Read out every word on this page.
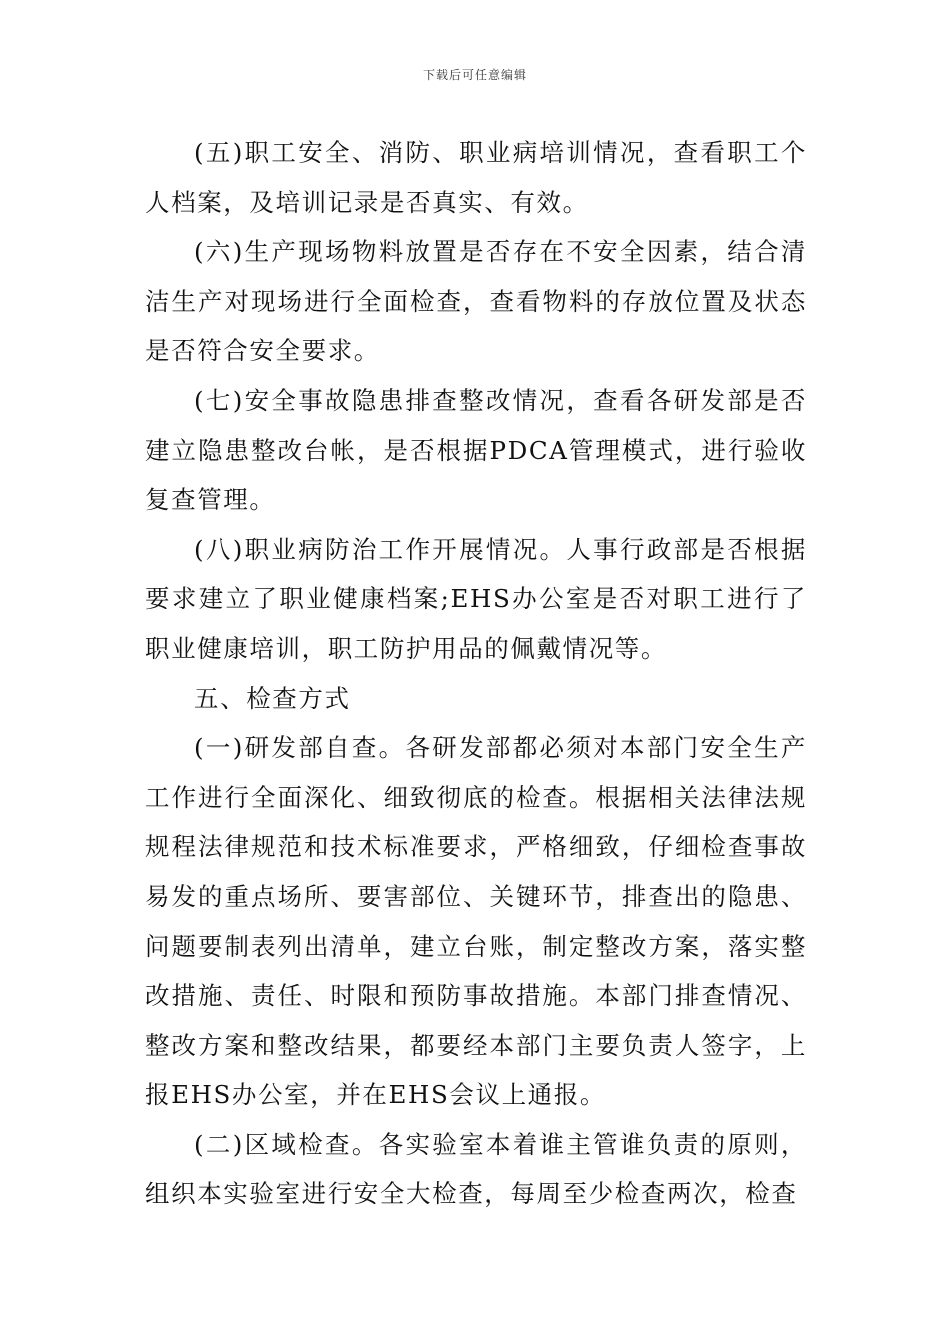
下载后可任意编辑

(五)职工安全、消防、职业病培训情况，查看职工个人档案，及培训记录是否真实、有效。

(六)生产现场物料放置是否存在不安全因素，结合清洁生产对现场进行全面检查，查看物料的存放位置及状态是否符合安全要求。

(七)安全事故隐患排查整改情况，查看各研发部是否建立隐患整改台帐，是否根据PDCA管理模式，进行验收复查管理。

(八)职业病防治工作开展情况。人事行政部是否根据要求建立了职业健康档案;EHS办公室是否对职工进行了职业健康培训，职工防护用品的佩戴情况等。

五、检查方式

(一)研发部自查。各研发部都必须对本部门安全生产工作进行全面深化、细致彻底的检查。根据相关法律法规规程法律规范和技术标准要求，严格细致，仔细检查事故易发的重点场所、要害部位、关键环节，排查出的隐患、问题要制表列出清单，建立台账，制定整改方案，落实整改措施、责任、时限和预防事故措施。本部门排查情况、整改方案和整改结果，都要经本部门主要负责人签字，上报EHS办公室，并在EHS会议上通报。

(二)区域检查。各实验室本着谁主管谁负责的原则，组织本实验室进行安全大检查，每周至少检查两次，检查
